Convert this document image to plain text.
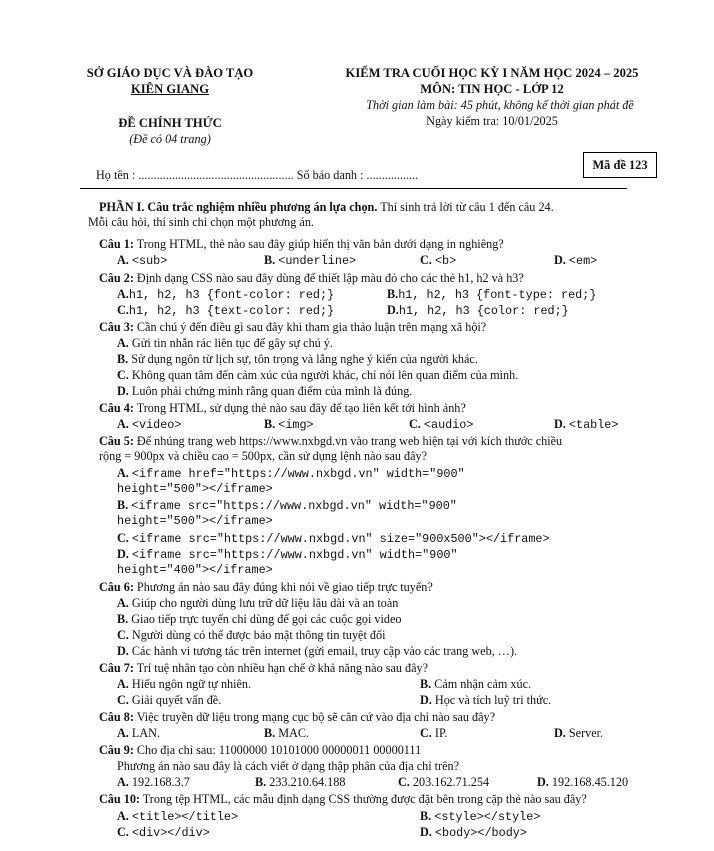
SỞ GIÁO DỤC VÀ ĐÀO TẠO
KIÊN GIANG
ĐỀ CHÍNH THỨC
(Đề có 04 trang)
KIỂM TRA CUỐI HỌC KỲ I NĂM HỌC 2024 – 2025
MÔN: TIN HỌC - LỚP 12
Thời gian làm bài: 45 phút, không kể thời gian phát đề
Ngày kiểm tra: 10/01/2025
Mã đề 123
Họ tên : ................................................... Số báo danh : .................
PHẦN I. Câu trắc nghiệm nhiều phương án lựa chọn. Thí sinh trả lời từ câu 1 đến câu 24.
Mỗi câu hỏi, thí sinh chỉ chọn một phương án.
Câu 1: Trong HTML, thẻ nào sau đây giúp hiển thị văn bản dưới dạng in nghiêng?
A. <sub>	B. <underline>	C. <b>	D. <em>
Câu 2: Định dạng CSS nào sau đây dùng để thiết lập màu đỏ cho các thẻ h1, h2 và h3?
A.h1, h2, h3 {font-color: red;}	B.h1, h2, h3 {font-type: red;}
C.h1, h2, h3 {text-color: red;}	D.h1, h2, h3 {color: red;}
Câu 3: Cần chú ý đến điều gì sau đây khi tham gia thảo luận trên mạng xã hội?
A. Gửi tin nhắn rác liên tục để gây sự chú ý.
B. Sử dụng ngôn từ lịch sự, tôn trọng và lắng nghe ý kiến của người khác.
C. Không quan tâm đến cảm xúc của người khác, chỉ nói lên quan điểm của mình.
D. Luôn phải chứng minh rằng quan điểm của mình là đúng.
Câu 4: Trong HTML, sử dụng thẻ nào sau đây để tạo liên kết tới hình ảnh?
A. <video>	B. <img>	C. <audio>	D. <table>
Câu 5: Để nhúng trang web https://www.nxbgd.vn vào trang web hiện tại với kích thước chiều
rộng = 900px và chiều cao = 500px, cần sử dụng lệnh nào sau đây?
A. <iframe href="https://www.nxbgd.vn" width="900"
height="500"></iframe>
B. <iframe src="https://www.nxbgd.vn" width="900"
height="500"></iframe>
C. <iframe src="https://www.nxbgd.vn" size="900x500"></iframe>
D. <iframe src="https://www.nxbgd.vn" width="900"
height="400"></iframe>
Câu 6: Phương án nào sau đây đúng khi nói về giao tiếp trực tuyến?
A. Giúp cho người dùng lưu trữ dữ liệu lâu dài và an toàn
B. Giao tiếp trực tuyến chỉ dùng để gọi các cuộc gọi video
C. Người dùng có thể được bảo mật thông tin tuyệt đối
D. Các hành vi tương tác trên internet (gửi email, truy cập vào các trang web, …).
Câu 7: Trí tuệ nhân tạo còn nhiều hạn chế ở khả năng nào sau đây?
A. Hiểu ngôn ngữ tự nhiên.	B. Cảm nhận cảm xúc.
C. Giải quyết vấn đề.	D. Học và tích luỹ tri thức.
Câu 8: Việc truyền dữ liệu trong mạng cục bộ sẽ căn cứ vào địa chỉ nào sau đây?
A. LAN.	B. MAC.	C. IP.	D. Server.
Câu 9: Cho địa chỉ sau: 11000000 10101000 00000011 00000111
Phương án nào sau đây là cách viết ở dạng thập phân của địa chỉ trên?
A. 192.168.3.7	B. 233.210.64.188	C. 203.162.71.254	D. 192.168.45.120
Câu 10: Trong tệp HTML, các mẫu định dạng CSS thường được đặt bên trong cặp thẻ nào sau đây?
A. <title></title>	B. <style></style>
C. <div></div>	D. <body></body>
